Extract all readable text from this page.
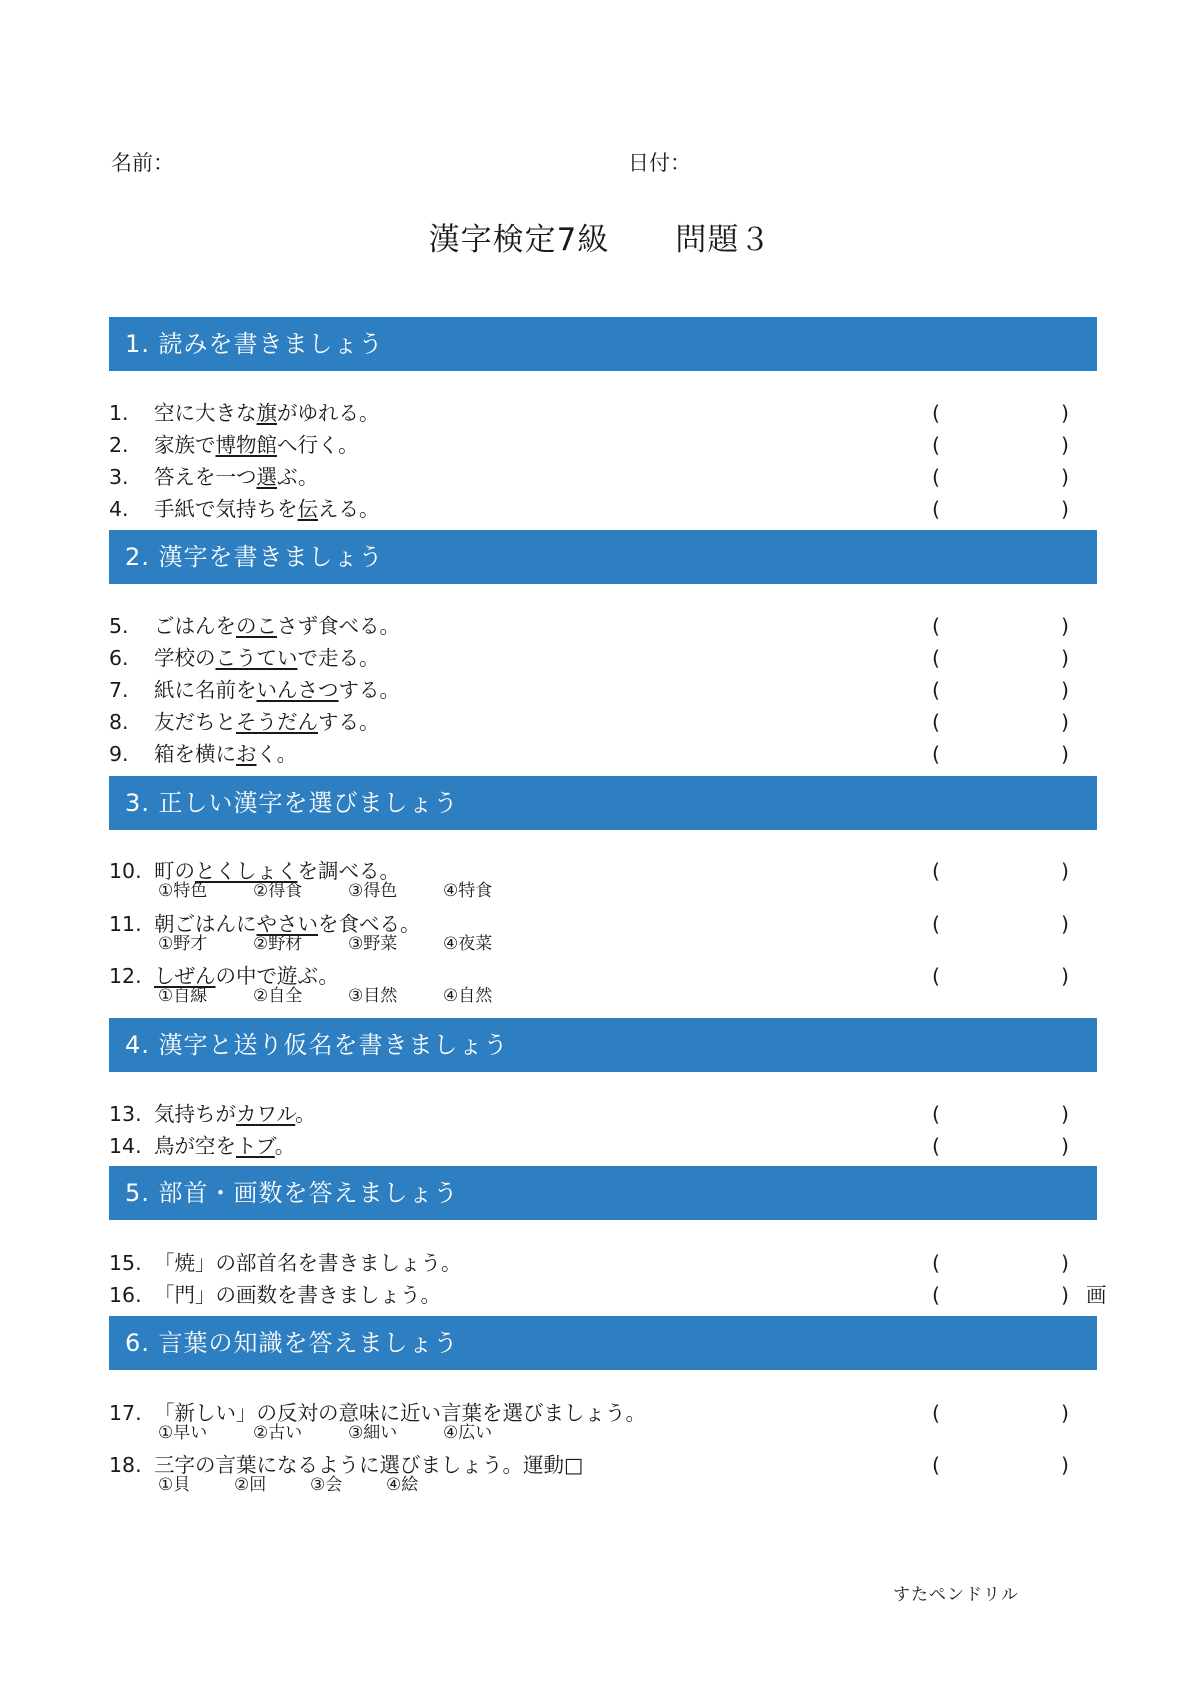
名前：	日付：
漢字検定7級 問題３
1. 読みを書きましょう
2. 漢字を書きましょう
3. 正しい漢字を選びましょう
4. 漢字と送り仮名を書きましょう
5. 部首・画数を答えましょう
6. 言葉の知識を答えましょう
1. 空に大きな旗がゆれる。	(	)
2. 家族で博物館へ行く。	(	)
3. 答えを一つ選ぶ。	(	)
4. 手紙で気持ちを伝える。	(	)
5. ごはんをのこさず食べる。	(	)
6. 学校のこうていで走る。	(	)
7. 紙に名前をいんさつする。	(	)
8. 友だちとそうだんする。	(	)
9. 箱を横におく。	(	)
10. 町のとくしょくを調べる。	(	)
①特色	②得食	③得色	④特食
11. 朝ごはんにやさいを食べる。	(	)
①野才	②野材	③野菜	④夜菜
12. しぜんの中で遊ぶ。	(	)
①自線	②自全	③目然	④自然
13. 気持ちがカワル。	(	)
14. 鳥が空をトブ。	(	)
15. 「焼」の部首名を書きましょう。	(	)
16. 「門」の画数を書きましょう。	(	) 画
17. 「新しい」の反対の意味に近い言葉を選びましょう。	(	)
①早い	②古い	③細い	④広い
18. 三字の言葉になるように選びましょう。運動□	(	)
①貝	②回	③会	④絵
すたペンドリル
